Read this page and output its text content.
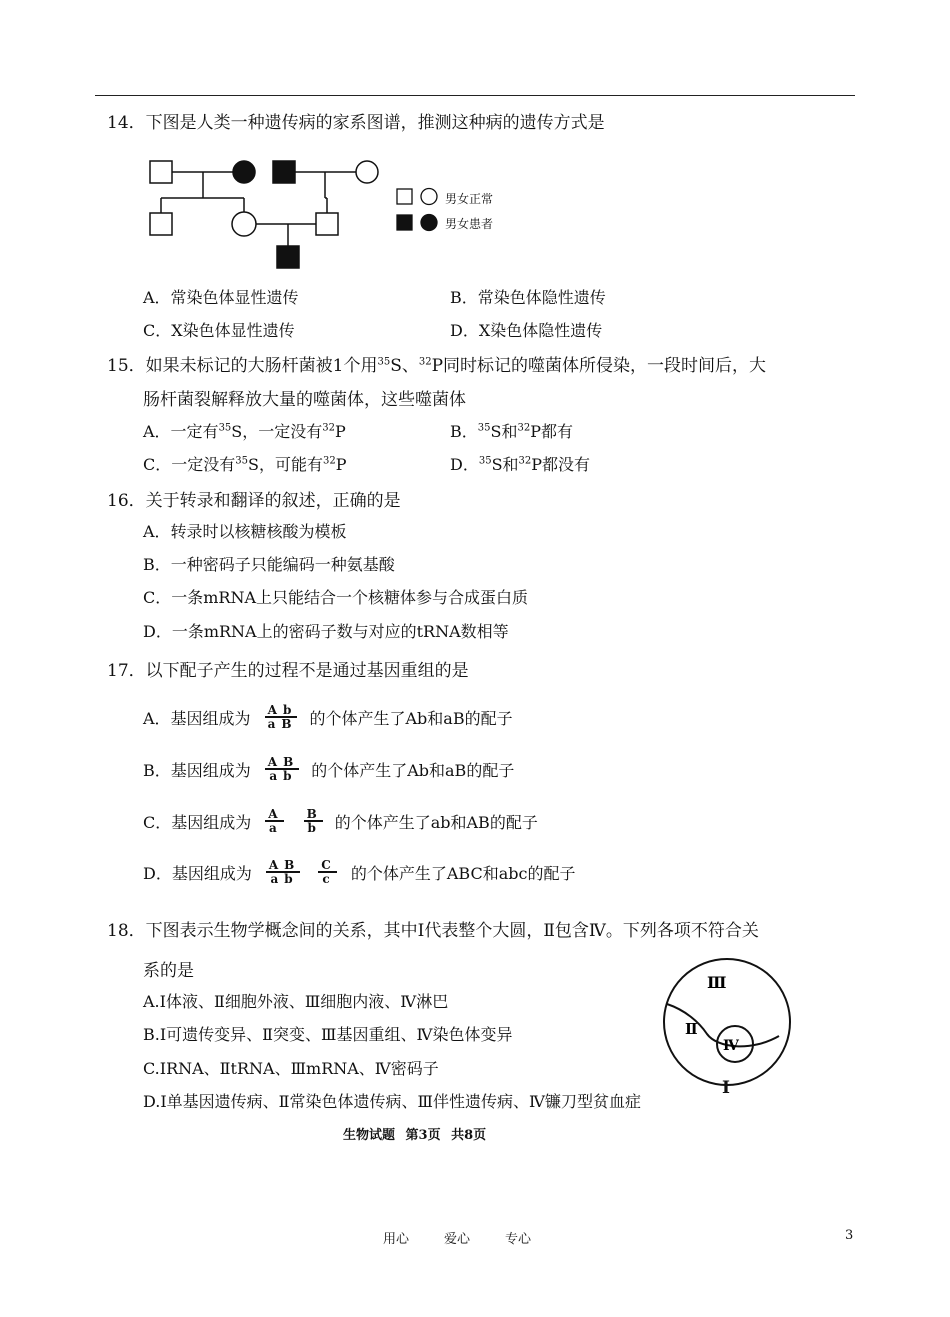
14．下图是人类一种遗传病的家系图谱，推测这种病的遗传方式是
男女正常
男女患者
A．常染色体显性遗传	B．常染色体隐性遗传
C．X染色体显性遗传	D．X染色体隐性遗传
15．如果未标记的大肠杆菌被1个用$^{35}$S、$^{32}$P同时标记的噬菌体所侵染，一段时间后，大
肠杆菌裂解释放大量的噬菌体，这些噬菌体
A．一定有$^{35}$S，一定没有$^{32}$P	B．$^{35}$S和$^{32}$P都有
C．一定没有$^{35}$S，可能有$^{32}$P	D．$^{35}$S和$^{32}$P都没有
16．关于转录和翻译的叙述，正确的是
A．转录时以核糖核酸为模板
B．一种密码子只能编码一种氨基酸
C．一条mRNA上只能结合一个核糖体参与合成蛋白质
D．一条mRNA上的密码子数与对应的tRNA数相等
17．以下配子产生的过程不是通过基因重组的是
A．基因组成为 Ab
aB 的个体产生了Ab和aB的配子
B．基因组成为 AB
ab 的个体产生了Ab和aB的配子
C．基因组成为 A
a
B
b 的个体产生了ab和AB的配子
D．基因组成为 AB
ab
C
c 的个体产生了ABC和abc的配子
18．下图表示生物学概念间的关系，其中Ⅰ代表整个大圆，Ⅱ包含Ⅳ。下列各项不符合关
系的是
A.Ⅰ体液、Ⅱ细胞外液、Ⅲ细胞内液、Ⅳ淋巴
B.Ⅰ可遗传变异、Ⅱ突变、Ⅲ基因重组、Ⅳ染色体变异
C.ⅠRNA、ⅡtRNA、ⅢmRNA、Ⅳ密码子
D.Ⅰ单基因遗传病、Ⅱ常染色体遗传病、Ⅲ伴性遗传病、Ⅳ镰刀型贫血症
Ⅲ
Ⅱ
Ⅳ
Ⅰ
生物试题 第3页 共8页
用心	爱心	专心	3
